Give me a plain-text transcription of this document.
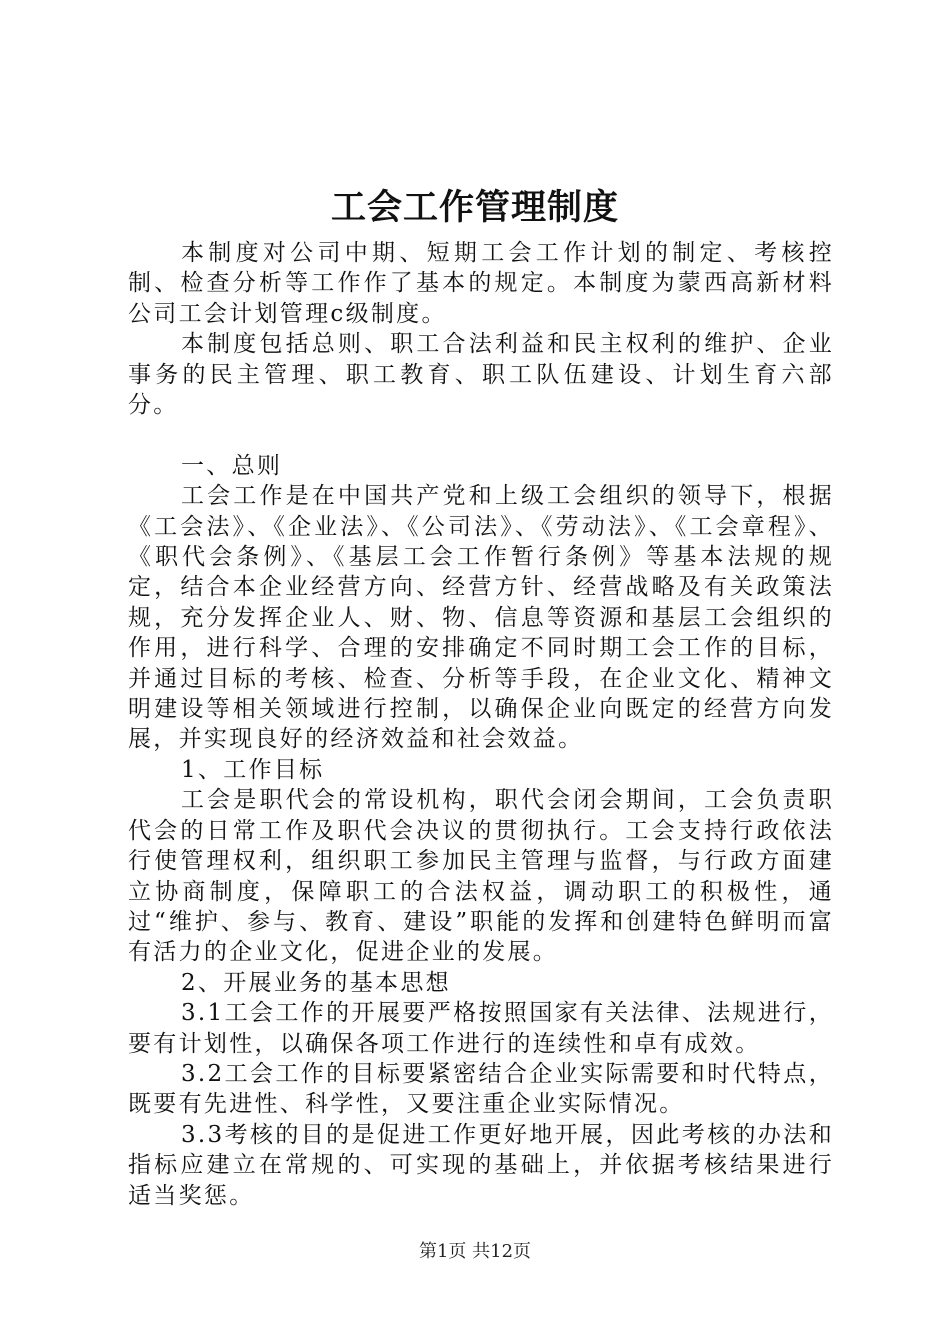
工会工作管理制度

本制度对公司中期、短期工会工作计划的制定、考核控制、检查分析等工作作了基本的规定。本制度为蒙西高新材料公司工会计划管理c级制度。

本制度包括总则、职工合法利益和民主权利的维护、企业事务的民主管理、职工教育、职工队伍建设、计划生育六部分。

一、总则

工会工作是在中国共产党和上级工会组织的领导下，根据《工会法》、《企业法》、《公司法》、《劳动法》、《工会章程》、《职代会条例》、《基层工会工作暂行条例》等基本法规的规定，结合本企业经营方向、经营方针、经营战略及有关政策法规，充分发挥企业人、财、物、信息等资源和基层工会组织的作用，进行科学、合理的安排确定不同时期工会工作的目标，并通过目标的考核、检查、分析等手段，在企业文化、精神文明建设等相关领域进行控制，以确保企业向既定的经营方向发展，并实现良好的经济效益和社会效益。

1、工作目标

工会是职代会的常设机构，职代会闭会期间，工会负责职代会的日常工作及职代会决议的贯彻执行。工会支持行政依法行使管理权利，组织职工参加民主管理与监督，与行政方面建立协商制度，保障职工的合法权益，调动职工的积极性，通过“维护、参与、教育、建设”职能的发挥和创建特色鲜明而富有活力的企业文化，促进企业的发展。

2、开展业务的基本思想

3.1工会工作的开展要严格按照国家有关法律、法规进行，要有计划性，以确保各项工作进行的连续性和卓有成效。

3.2工会工作的目标要紧密结合企业实际需要和时代特点，既要有先进性、科学性，又要注重企业实际情况。

3.3考核的目的是促进工作更好地开展，因此考核的办法和指标应建立在常规的、可实现的基础上，并依据考核结果进行适当奖惩。

第1页 共12页
